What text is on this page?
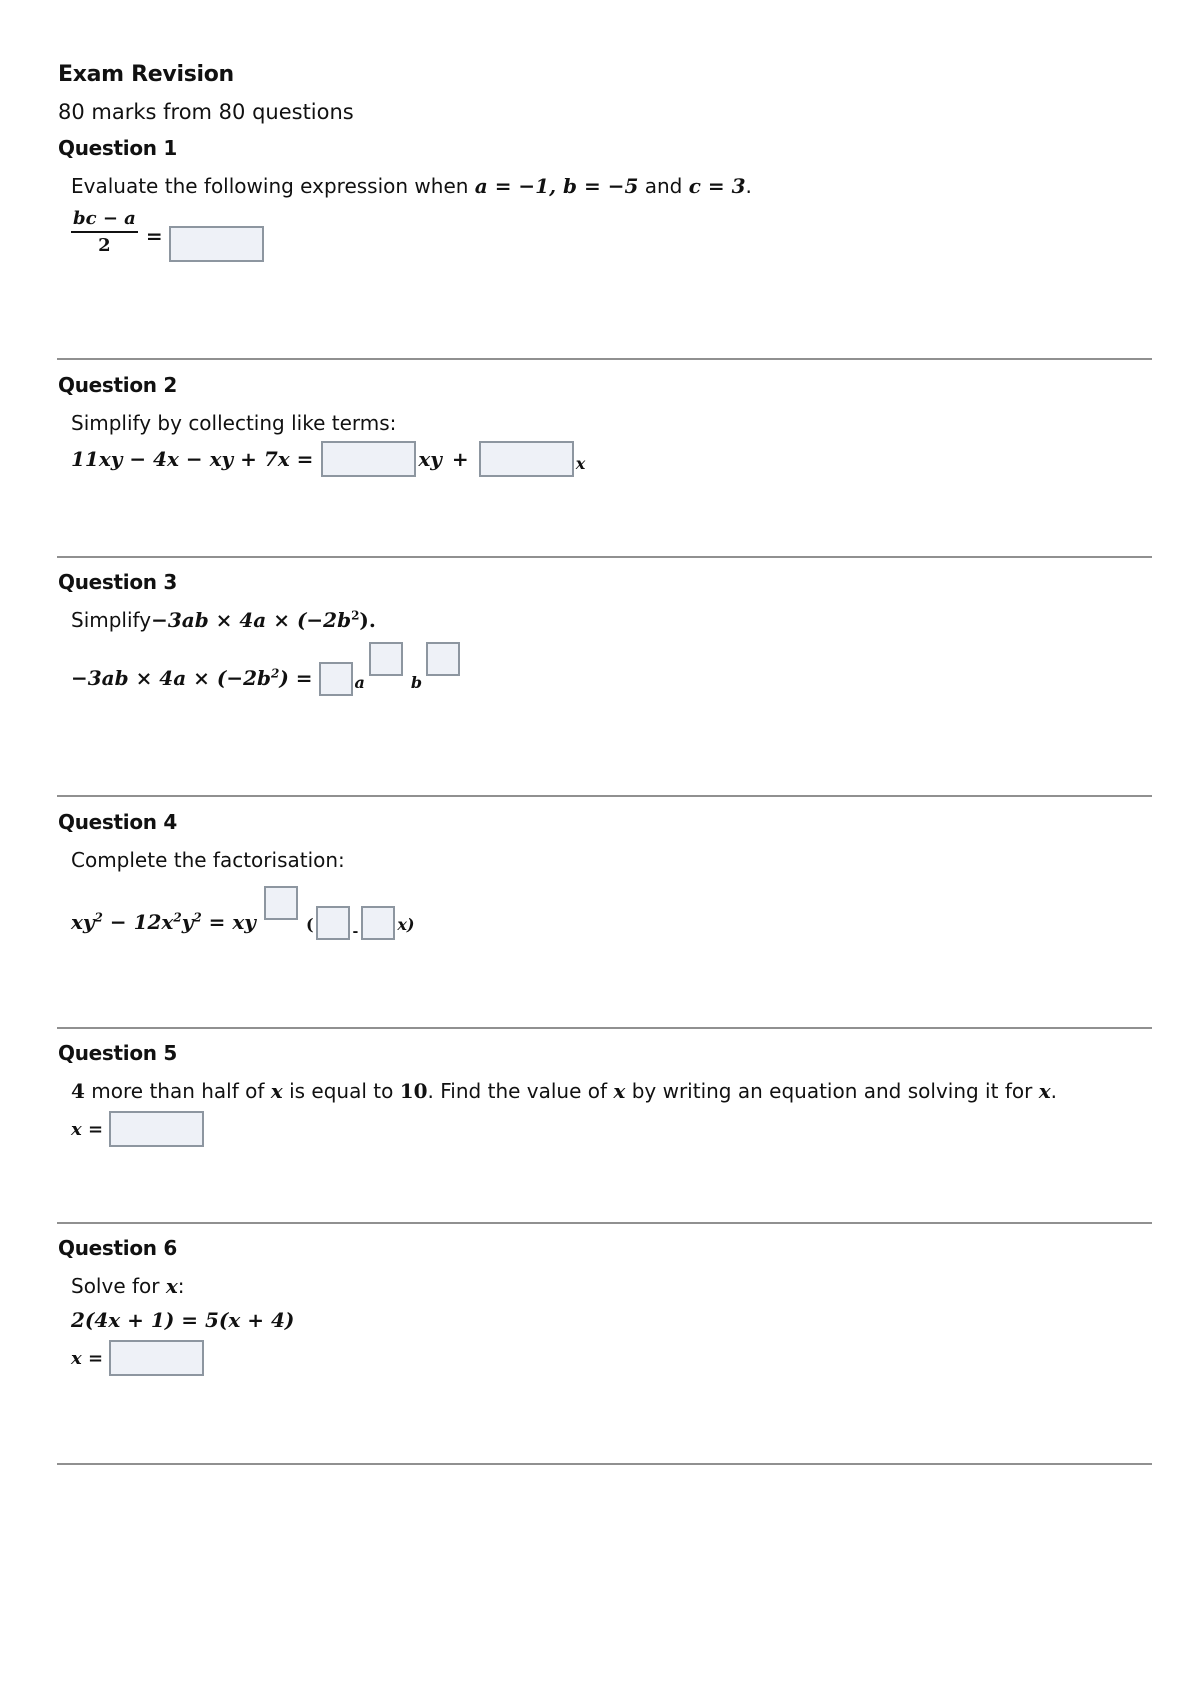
Exam Revision
80 marks from 80 questions
Question 1
Evaluate the following expression when a = −1, b = −5 and c = 3.
$\frac{bc - a}{2}$ =
Question 2
Simplify by collecting like terms:
11xy − 4x − xy + 7x =	xy +	x
Question 3
Simplify−3ab × $4a \times (-2b^2)$.
$-3ab \times 4a \times (-2b^2)$ =	a	b
Question 4
Complete the factorisation:
$xy^2 - 12x^2y^2$ = xy	(	- x)
Question 5
4 more than half of x is equal to 10. Find the value of x by writing an equation and solving it for x.
x =
Question 6
Solve for x:
2(4x + 1) = 5(x + 4)
x =
